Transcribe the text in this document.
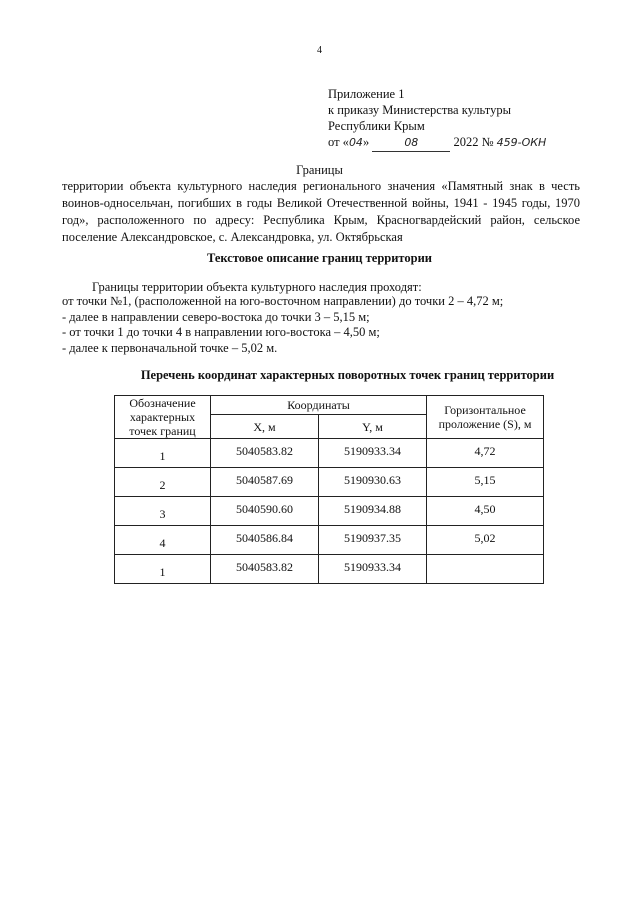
4
Приложение 1
к приказу Министерства культуры
Республики Крым
от «04»	08	2022 № 459-ОКН
Границы
территории объекта культурного наследия регионального значения «Памятный знак в честь воинов-односельчан, погибших в годы Великой Отечественной войны, 1941 - 1945 годы, 1970 год», расположенного по адресу: Республика Крым, Красногвардейский район, сельское поселение Александровское, с. Александровка, ул. Октябрьская
Текстовое описание границ территории
Границы территории объекта культурного наследия проходят:
от точки №1, (расположенной на юго-восточном направлении) до точки 2 – 4,72 м;
- далее в направлении северо-востока до точки 3 – 5,15 м;
- от точки 1 до точки 4 в направлении юго-востока – 4,50 м;
- далее к первоначальной точке – 5,02 м.
Перечень координат характерных поворотных точек границ территории
Обозначение характерных точек границ	Координаты		Горизонтальное проложение (S), м
	X, м	Y, м	

1	5040583.82	5190933.34	4,72

2	5040587.69	5190930.63	5,15

3	5040590.60	5190934.88	4,50

4	5040586.84	5190937.35	5,02

1	5040583.82	5190933.34	
